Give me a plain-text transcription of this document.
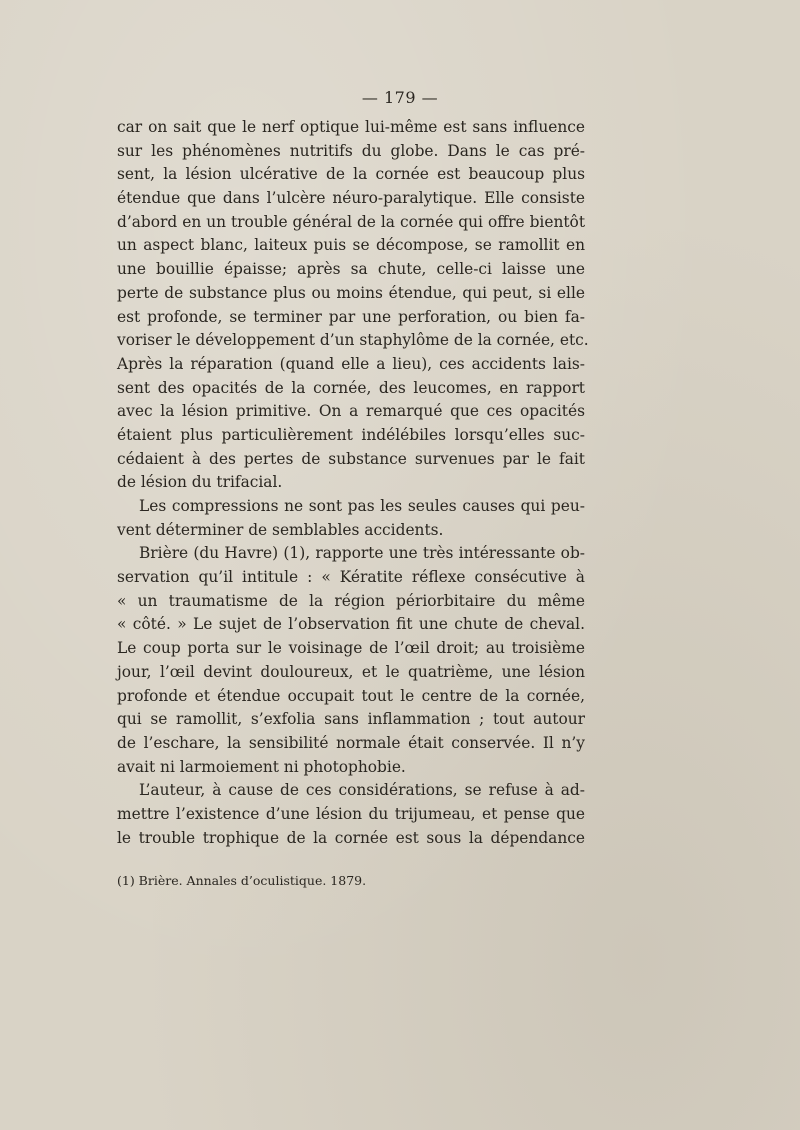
— 179 —
car on sait que le nerf optique lui-même est sans influence
sur les phénomènes nutritifs du globe. Dans le cas pré-
sent, la lésion ulcérative de la cornée est beaucoup plus
étendue que dans l’ulcère néuro-paralytique. Elle consiste
d’abord en un trouble général de la cornée qui offre bientôt
un aspect blanc, laiteux puis se décompose, se ramollit en
une bouillie épaisse; après sa chute, celle-ci laisse une
perte de substance plus ou moins étendue, qui peut, si elle
est profonde, se terminer par une perforation, ou bien fa-
voriser le développement d’un staphylôme de la cornée, etc.
Après la réparation (quand elle a lieu), ces accidents lais-
sent des opacités de la cornée, des leucomes, en rapport
avec la lésion primitive. On a remarqué que ces opacités
étaient plus particulièrement indélébiles lorsqu’elles suc-
cédaient à des pertes de substance survenues par le fait
de lésion du trifacial.
Les compressions ne sont pas les seules causes qui peu-
vent déterminer de semblables accidents.
Brière (du Havre) (1), rapporte une très intéressante ob-
servation qu’il intitule : « Kératite réflexe consécutive à
« un traumatisme de la région périorbitaire du même
« côté. » Le sujet de l’observation fit une chute de cheval.
Le coup porta sur le voisinage de l’œil droit; au troisième
jour, l’œil devint douloureux, et le quatrième, une lésion
profonde et étendue occupait tout le centre de la cornée,
qui se ramollit, s’exfolia sans inflammation ; tout autour
de l’eschare, la sensibilité normale était conservée. Il n’y
avait ni larmoiement ni photophobie.
L’auteur, à cause de ces considérations, se refuse à ad-
mettre l’existence d’une lésion du trijumeau, et pense que
le trouble trophique de la cornée est sous la dépendance
(1) Brière. Annales d’oculistique. 1879.
